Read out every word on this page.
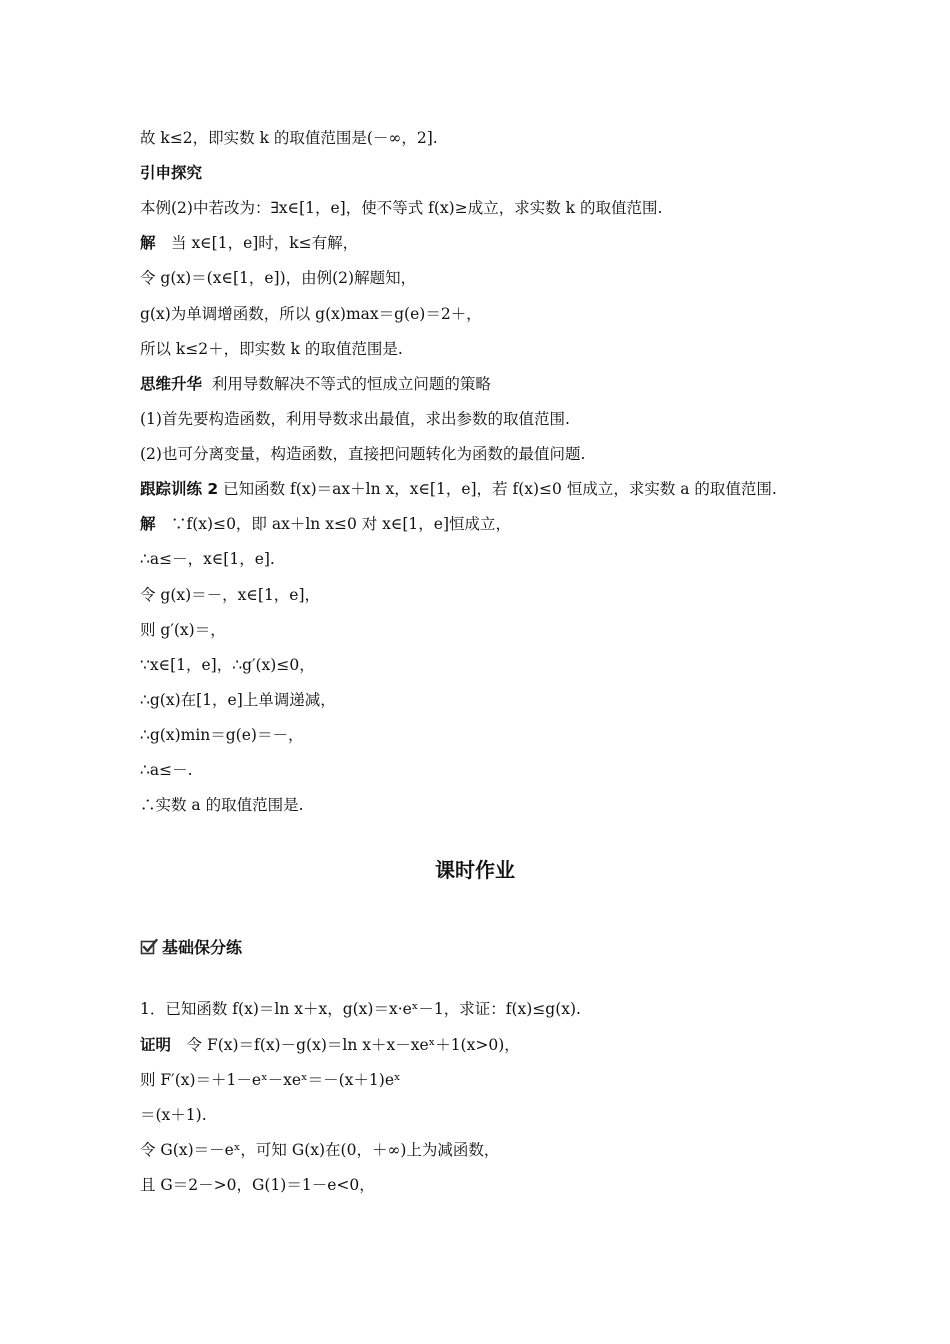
故 k≤2，即实数 k 的取值范围是(－∞，2].
引申探究
本例(2)中若改为：∃x∈[1，e]，使不等式 f(x)≥成立，求实数 k 的取值范围.
解　当 x∈[1，e]时，k≤有解，
令 g(x)＝(x∈[1，e])，由例(2)解题知，
g(x)为单调增函数，所以 g(x)max＝g(e)＝2＋，
所以 k≤2＋，即实数 k 的取值范围是.
思维升华 利用导数解决不等式的恒成立问题的策略
(1)首先要构造函数，利用导数求出最值，求出参数的取值范围.
(2)也可分离变量，构造函数，直接把问题转化为函数的最值问题.
跟踪训练 2 已知函数 f(x)＝ax＋ln x，x∈[1，e]，若 f(x)≤0 恒成立，求实数 a 的取值范围.
解　∵f(x)≤0，即 ax＋ln x≤0 对 x∈[1，e]恒成立，
∴a≤－，x∈[1，e].
令 g(x)＝－，x∈[1，e]，
则 g′(x)＝，
∵x∈[1，e]，∴g′(x)≤0，
∴g(x)在[1，e]上单调递减，
∴g(x)min＝g(e)＝－，
∴a≤－.
∴实数 a 的取值范围是.
课时作业
基础保分练
1．已知函数 f(x)＝ln x＋x，g(x)＝x·eˣ－1，求证：f(x)≤g(x).
证明　令 F(x)＝f(x)－g(x)＝ln x＋x－xeˣ＋1(x>0)，
则 F′(x)＝＋1－eˣ－xeˣ＝－(x＋1)eˣ
＝(x＋1).
令 G(x)＝－eˣ，可知 G(x)在(0，＋∞)上为减函数，
且 G＝2－>0，G(1)＝1－e<0，
